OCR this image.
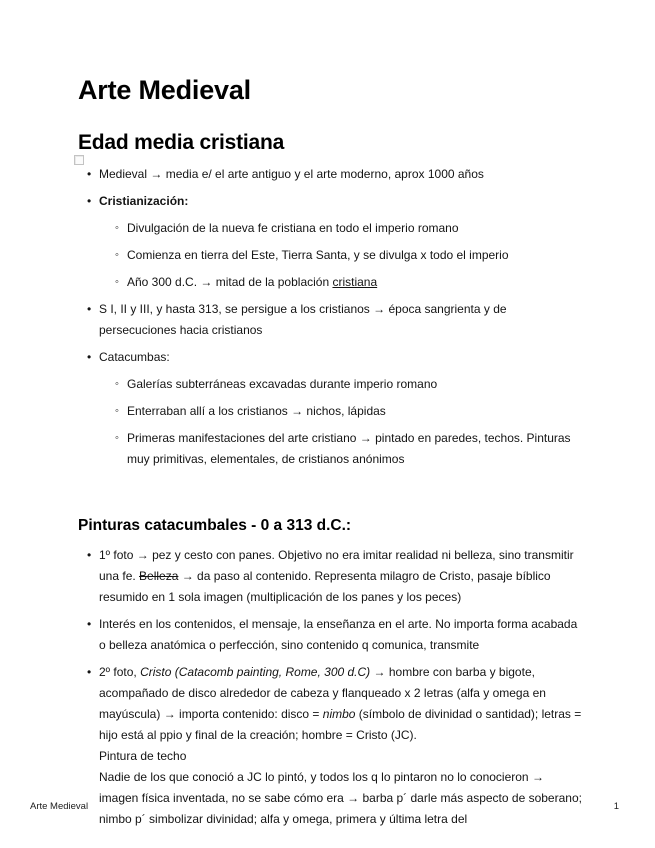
Arte Medieval
Edad media cristiana
• Medieval → media e/ el arte antiguo y el arte moderno, aprox 1000 años
• Cristianización:
◦ Divulgación de la nueva fe cristiana en todo el imperio romano
◦ Comienza en tierra del Este, Tierra Santa, y se divulga x todo el imperio
◦ Año 300 d.C. → mitad de la población cristiana
• S I, II y III, y hasta 313, se persigue a los cristianos → época sangrienta y de persecuciones hacia cristianos
• Catacumbas:
◦ Galerías subterráneas excavadas durante imperio romano
◦ Enterraban allí a los cristianos → nichos, lápidas
◦ Primeras manifestaciones del arte cristiano → pintado en paredes, techos. Pinturas muy primitivas, elementales, de cristianos anónimos
Pinturas catacumbales - 0 a 313 d.C.:
• 1º foto → pez y cesto con panes. Objetivo no era imitar realidad ni belleza, sino transmitir una fe. Belleza → da paso al contenido. Representa milagro de Cristo, pasaje bíblico resumido en 1 sola imagen (multiplicación de los panes y los peces)
• Interés en los contenidos, el mensaje, la enseñanza en el arte. No importa forma acabada o belleza anatómica o perfección, sino contenido q comunica, transmite
• 2º foto, Cristo (Catacomb painting, Rome, 300 d.C) → hombre con barba y bigote, acompañado de disco alrededor de cabeza y flanqueado x 2 letras (alfa y omega en mayúscula) → importa contenido: disco = nimbo (símbolo de divinidad o santidad); letras = hijo está al ppio y final de la creación; hombre = Cristo (JC).
Pintura de techo
Nadie de los que conoció a JC lo pintó, y todos los q lo pintaron no lo conocieron → imagen física inventada, no se sabe cómo era → barba p´ darle más aspecto de soberano; nimbo p´ simbolizar divinidad; alfa y omega, primera y última letra del
Arte Medieval	1
